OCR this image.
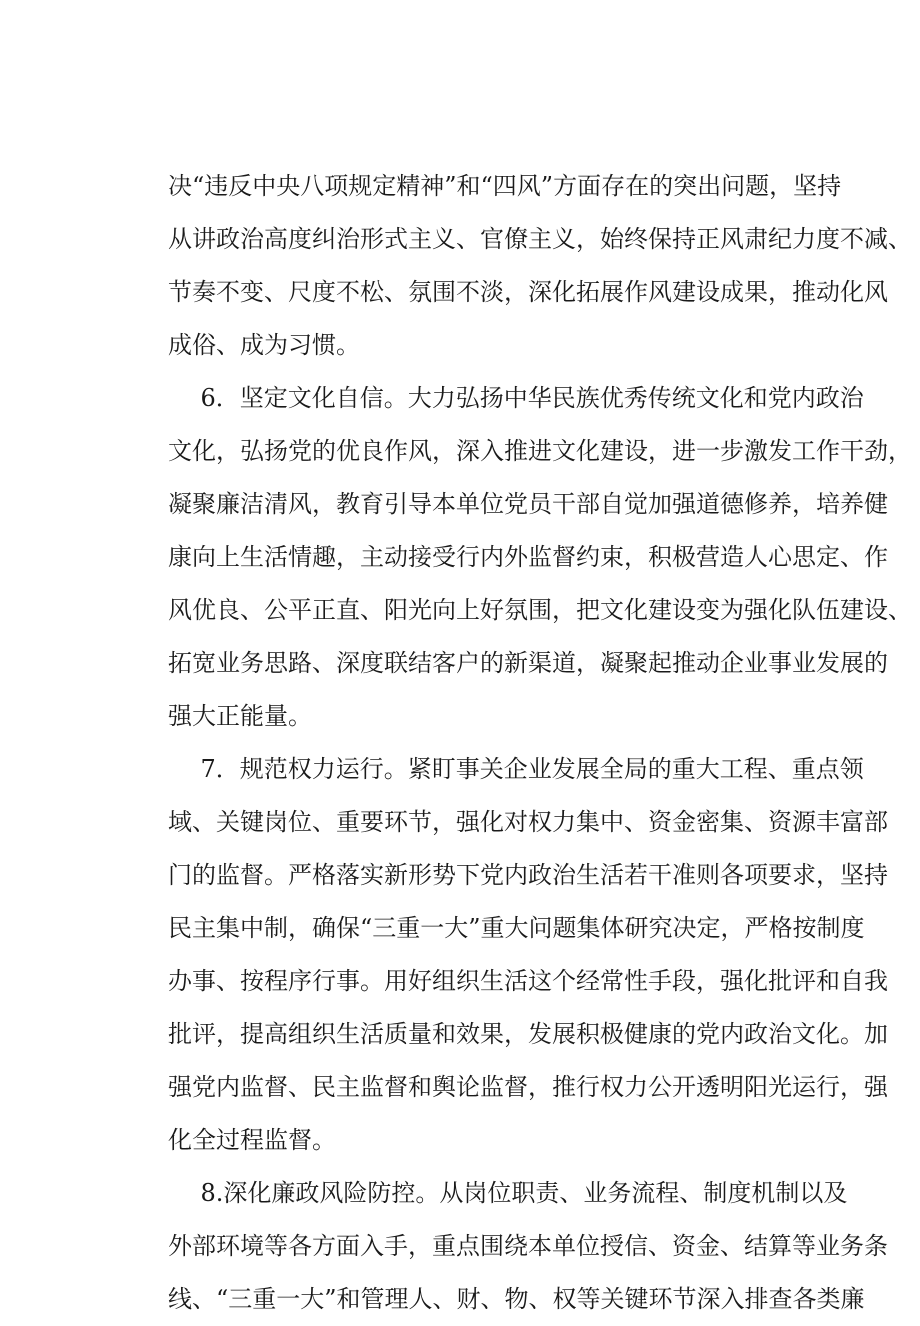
决“违反中央八项规定精神”和“四风”方面存在的突出问题，坚持
从讲政治高度纠治形式主义、官僚主义，始终保持正风肃纪力度不减、
节奏不变、尺度不松、氛围不淡，深化拓展作风建设成果，推动化风
成俗、成为习惯。
6．坚定文化自信。大力弘扬中华民族优秀传统文化和党内政治
文化，弘扬党的优良作风，深入推进文化建设，进一步激发工作干劲，
凝聚廉洁清风，教育引导本单位党员干部自觉加强道德修养，培养健
康向上生活情趣，主动接受行内外监督约束，积极营造人心思定、作
风优良、公平正直、阳光向上好氛围，把文化建设变为强化队伍建设、
拓宽业务思路、深度联结客户的新渠道，凝聚起推动企业事业发展的
强大正能量。
7．规范权力运行。紧盯事关企业发展全局的重大工程、重点领
域、关键岗位、重要环节，强化对权力集中、资金密集、资源丰富部
门的监督。严格落实新形势下党内政治生活若干准则各项要求，坚持
民主集中制，确保“三重一大”重大问题集体研究决定，严格按制度
办事、按程序行事。用好组织生活这个经常性手段，强化批评和自我
批评，提高组织生活质量和效果，发展积极健康的党内政治文化。加
强党内监督、民主监督和舆论监督，推行权力公开透明阳光运行，强
化全过程监督。
8.深化廉政风险防控。从岗位职责、业务流程、制度机制以及
外部环境等各方面入手，重点围绕本单位授信、资金、结算等业务条
线、“三重一大”和管理人、财、物、权等关键环节深入排查各类廉
